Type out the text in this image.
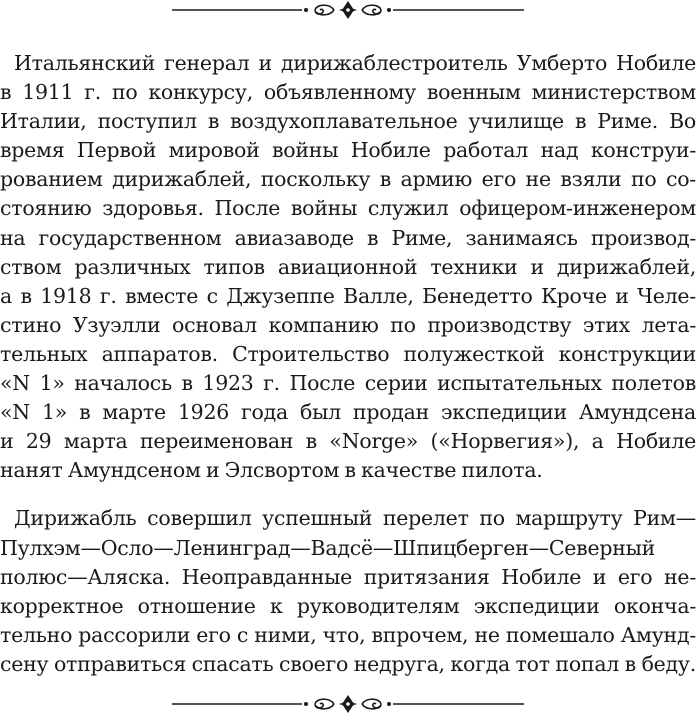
Итальянский генерал и дирижаблестроитель Умберто Нобиле
в 1911 г. по конкурсу, объявленному военным министерством
Италии, поступил в воздухоплавательное училище в Риме. Во
время Первой мировой войны Нобиле работал над конструи-
рованием дирижаблей, поскольку в армию его не взяли по со-
стоянию здоровья. После войны служил офицером-инженером
на государственном авиазаводе в Риме, занимаясь производ-
ством различных типов авиационной техники и дирижаблей,
а в 1918 г. вместе с Джузеппе Валле, Бенедетто Кроче и Челе-
стино Узуэлли основал компанию по производству этих лета-
тельных аппаратов. Строительство полужесткой конструкции
«N 1» началось в 1923 г. После серии испытательных полетов
«N 1» в марте 1926 года был продан экспедиции Амундсена
и 29 марта переименован в «Norge» («Норвегия»), а Нобиле
нанят Амундсеном и Элсвортом в качестве пилота.
Дирижабль совершил успешный перелет по маршруту Рим—
Пулхэм—Осло—Ленинград—Вадсё—Шпицберген—Северный
полюс—Аляска. Неоправданные притязания Нобиле и его не-
корректное отношение к руководителям экспедиции оконча-
тельно рассорили его с ними, что, впрочем, не помешало Амунд-
сену отправиться спасать своего недруга, когда тот попал в беду.
